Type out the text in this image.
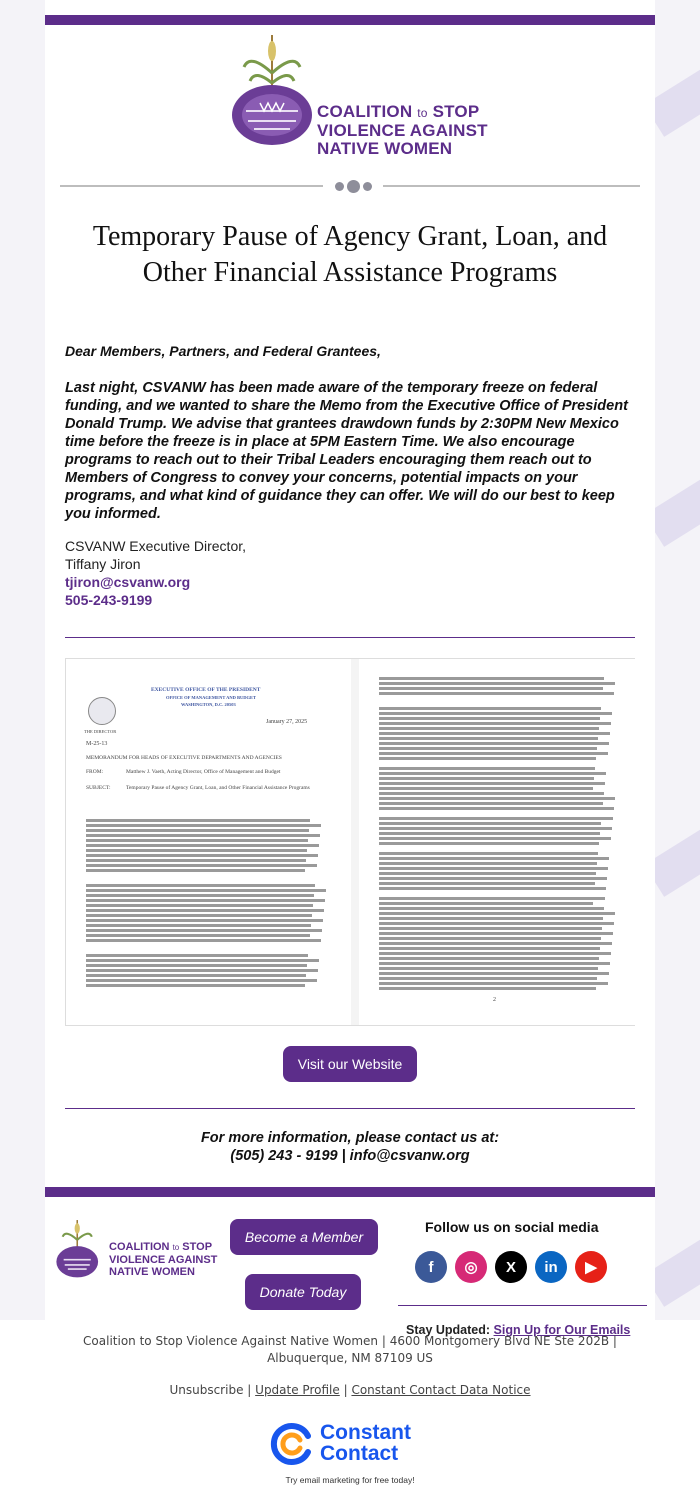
COALITION to STOP
VIOLENCE AGAINST
NATIVE WOMEN
Temporary Pause of Agency Grant, Loan, and Other Financial Assistance Programs
Dear Members, Partners, and Federal Grantees,
Last night, CSVANW has been made aware of the temporary freeze on federal funding, and we wanted to share the Memo from the Executive Office of President Donald Trump. We advise that grantees drawdown funds by 2:30PM New Mexico time before the freeze is in place at 5PM Eastern Time. We also encourage programs to reach out to their Tribal Leaders encouraging them reach out to Members of Congress to convey your concerns, potential impacts on your programs, and what kind of guidance they can offer. We will do our best to keep you informed.
CSVANW Executive Director,
Tiffany Jiron
tjiron@csvanw.org
505-243-9199
THE DIRECTOR
EXECUTIVE OFFICE OF THE PRESIDENT
OFFICE OF MANAGEMENT AND BUDGET
WASHINGTON, D.C. 20503
January 27, 2025
M-25-13
MEMORANDUM FOR HEADS OF EXECUTIVE DEPARTMENTS AND AGENCIES
FROM:	Matthew J. Vaeth, Acting Director, Office of Management and Budget
SUBJECT:	Temporary Pause of Agency Grant, Loan, and Other Financial Assistance Programs
2
Visit our Website
For more information, please contact us at:
(505) 243 - 9199 | info@csvanw.org
COALITION to STOP
VIOLENCE AGAINST
NATIVE WOMEN
Become a Member
Donate Today
Follow us on social media
f	◎	X	in	▶
Stay Updated: Sign Up for Our Emails
Coalition to Stop Violence Against Native Women | 4600 Montgomery Blvd NE Ste 202B |
Albuquerque, NM 87109 US
Unsubscribe | Update Profile | Constant Contact Data Notice
Constant
Contact
Try email marketing for free today!
